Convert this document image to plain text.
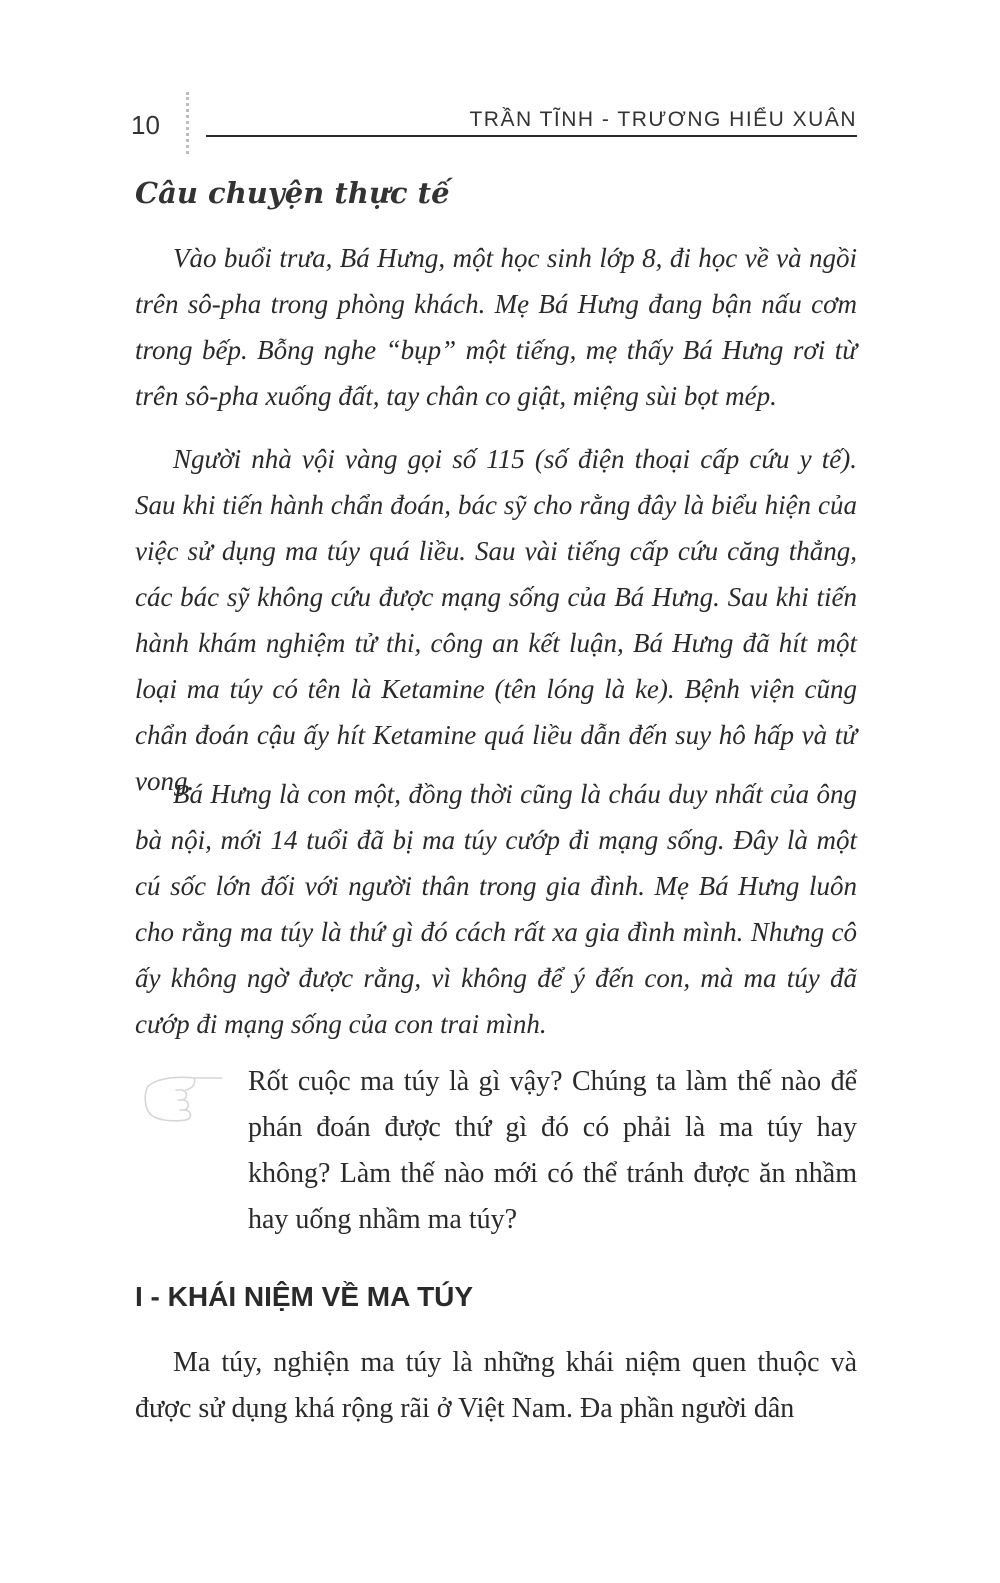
10	TRẦN TĨNH - TRƯƠNG HIỂU XUÂN
Câu chuyện thực tế

Vào buổi trưa, Bá Hưng, một học sinh lớp 8, đi học về và ngồi trên sô-pha trong phòng khách. Mẹ Bá Hưng đang bận nấu cơm trong bếp. Bỗng nghe “bụp” một tiếng, mẹ thấy Bá Hưng rơi từ trên sô-pha xuống đất, tay chân co giật, miệng sùi bọt mép.

Người nhà vội vàng gọi số 115 (số điện thoại cấp cứu y tế). Sau khi tiến hành chẩn đoán, bác sỹ cho rằng đây là biểu hiện của việc sử dụng ma túy quá liều. Sau vài tiếng cấp cứu căng thẳng, các bác sỹ không cứu được mạng sống của Bá Hưng. Sau khi tiến hành khám nghiệm tử thi, công an kết luận, Bá Hưng đã hít một loại ma túy có tên là Ketamine (tên lóng là ke). Bệnh viện cũng chẩn đoán cậu ấy hít Ketamine quá liều dẫn đến suy hô hấp và tử vong.

Bá Hưng là con một, đồng thời cũng là cháu duy nhất của ông bà nội, mới 14 tuổi đã bị ma túy cướp đi mạng sống. Đây là một cú sốc lớn đối với người thân trong gia đình. Mẹ Bá Hưng luôn cho rằng ma túy là thứ gì đó cách rất xa gia đình mình. Nhưng cô ấy không ngờ được rằng, vì không để ý đến con, mà ma túy đã cướp đi mạng sống của con trai mình.

Rốt cuộc ma túy là gì vậy? Chúng ta làm thế nào để phán đoán được thứ gì đó có phải là ma túy hay không? Làm thế nào mới có thể tránh được ăn nhầm hay uống nhầm ma túy?

I - KHÁI NIỆM VỀ MA TÚY

Ma túy, nghiện ma túy là những khái niệm quen thuộc và được sử dụng khá rộng rãi ở Việt Nam. Đa phần người dân
